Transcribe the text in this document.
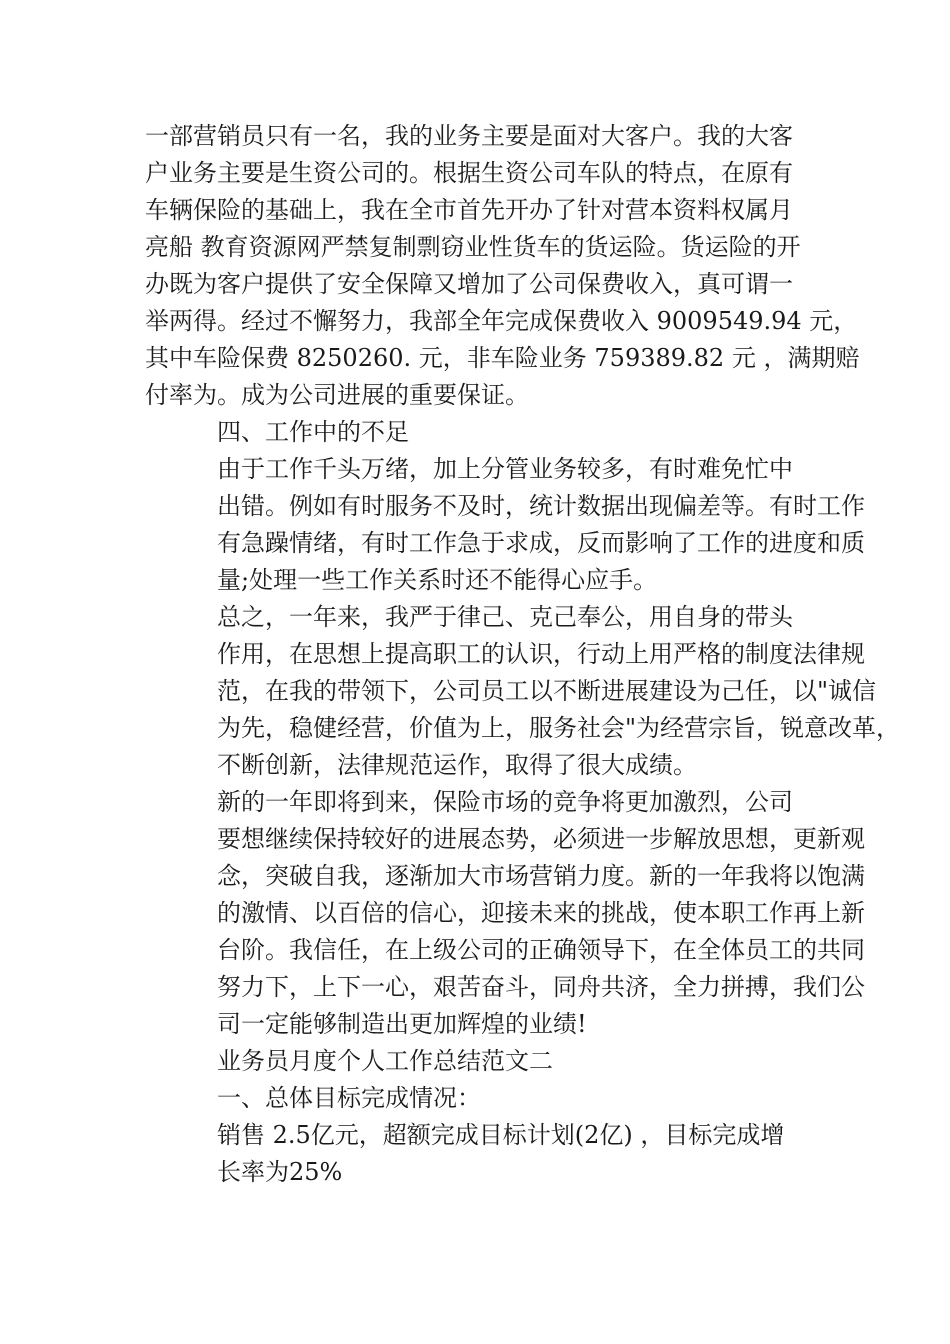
一部营销员只有一名，我的业务主要是面对大客户。我的大客
户业务主要是生资公司的。根据生资公司车队的特点，在原有
车辆保险的基础上，我在全市首先开办了针对营本资料权属月
亮船 教育资源网严禁复制剽窃业性货车的货运险。货运险的开
办既为客户提供了安全保障又增加了公司保费收入，真可谓一
举两得。经过不懈努力，我部全年完成保费收入 9009549.94 元，
其中车险保费 8250260. 元，非车险业务 759389.82 元 ，满期赔
付率为。成为公司进展的重要保证。

四、工作中的不足

由于工作千头万绪，加上分管业务较多，有时难免忙中
出错。例如有时服务不及时，统计数据出现偏差等。有时工作
有急躁情绪，有时工作急于求成，反而影响了工作的进度和质
量;处理一些工作关系时还不能得心应手。

总之，一年来，我严于律己、克己奉公，用自身的带头
作用，在思想上提高职工的认识，行动上用严格的制度法律规
范，在我的带领下，公司员工以不断进展建设为己任，以"诚信
为先，稳健经营，价值为上，服务社会"为经营宗旨，锐意改革，
不断创新，法律规范运作，取得了很大成绩。

新的一年即将到来，保险市场的竞争将更加激烈，公司
要想继续保持较好的进展态势，必须进一步解放思想，更新观
念，突破自我，逐渐加大市场营销力度。新的一年我将以饱满
的激情、以百倍的信心，迎接未来的挑战，使本职工作再上新
台阶。我信任，在上级公司的正确领导下，在全体员工的共同
努力下，上下一心，艰苦奋斗，同舟共济，全力拼搏，我们公
司一定能够制造出更加辉煌的业绩!

业务员月度个人工作总结范文二

一、总体目标完成情况：

销售 2.5亿元，超额完成目标计划(2亿) ，目标完成增
长率为25%
